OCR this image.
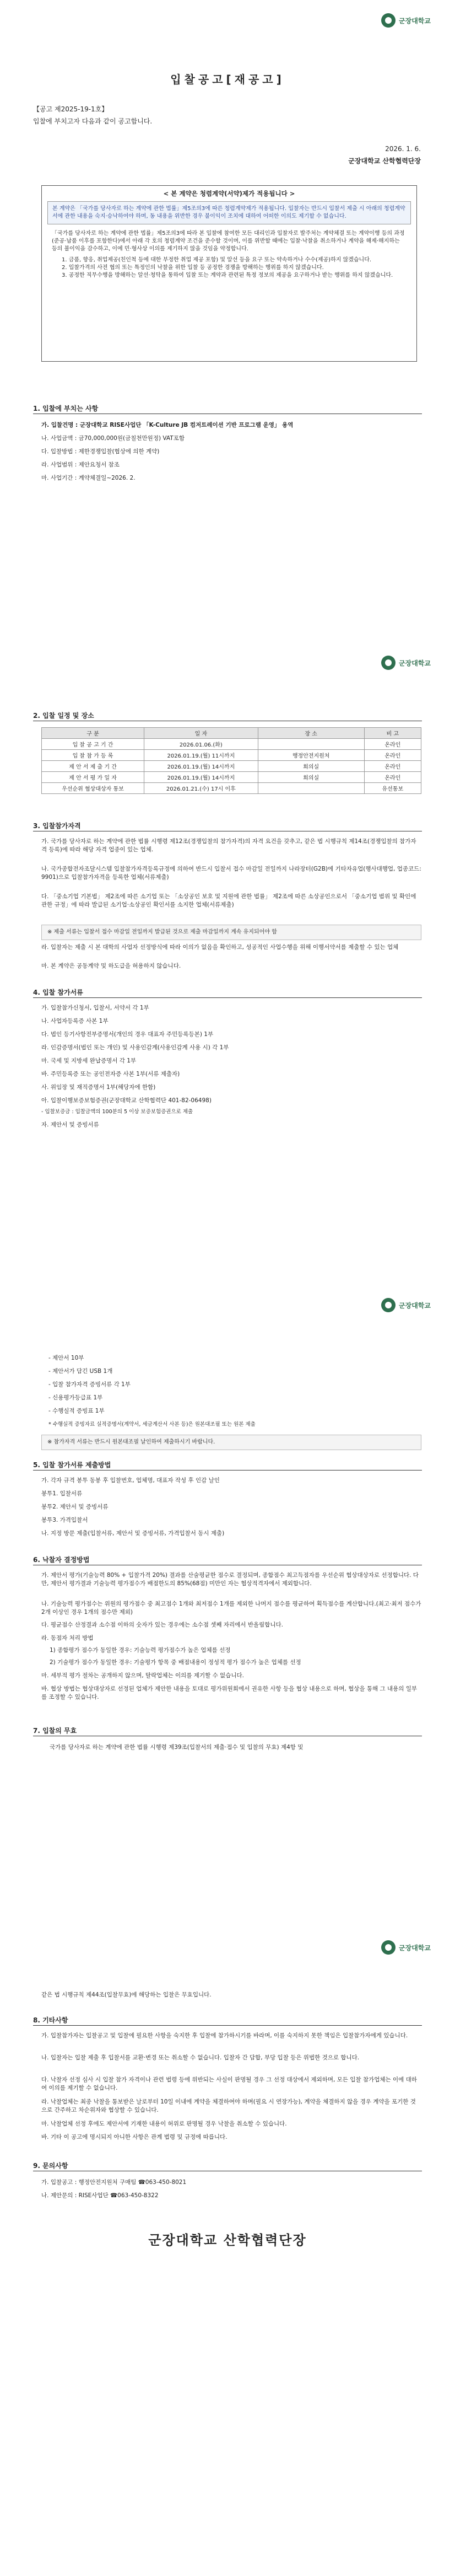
군장대학교
입찰공고[재공고]
【공고 제2025-19-1호】
입찰에 부치고자 다음과 같이 공고합니다.
2026. 1. 6.
군장대학교 산학협력단장
< 본 계약은 청렴계약(서약)제가 적용됩니다 >
본 계약은 「국가를 당사자로 하는 계약에 관한 법률」제5조의3에 따른 청렴계약제가 적용됩니다. 입찰자는 반드시 입찰서 제출 시 아래의 청렴계약서에 관한 내용을 숙지·승낙하여야 하며, 동 내용을 위반한 경우 불이익이 조치에 대하여 어떠한 이의도 제기할 수 없습니다.
「국가를 당사자로 하는 계약에 관한 법률」제5조의3에 따라 본 입찰에 참여한 모든 대리인과 입찰자로 발주처는 계약체결 또는 계약이행 등의 과정(준공·납품 이후를 포함한다)에서 아래 각 호의 청렴계약 조건을 준수할 것이며, 이를 위반할 때에는 입찰·낙찰을 취소하거나 계약을 해제·해지하는 등의 불이익을 감수하고, 이에 민·형사상 이의를 제기하지 않을 것임을 약정합니다.
1. 금품, 향응, 취업제공(친인척 등에 대한 부정한 취업 제공 포함) 및 알선 등을 요구 또는 약속하거나 수수(제공)하지 않겠습니다.
2. 입찰가격의 사전 협의 또는 특정인의 낙찰을 위한 입찰 등 공정한 경쟁을 방해하는 행위를 하지 않겠습니다.
3. 공정한 직무수행을 방해하는 알선·청탁을 통하여 입찰 또는 계약과 관련된 특정 정보의 제공을 요구하거나 받는 행위를 하지 않겠습니다.
1. 입찰에 부치는 사항
가. 입찰건명 : 군장대학교 RISE사업단 「K-Culture JB 컴저트레이션 기반 프로그램 운영」 용역
나. 사업금액 : 금70,000,000원(금칠천만원정) VAT포함
다. 입찰방법 : 제한경쟁입찰(협상에 의한 계약)
라. 사업범위 : 제안요청서 참조
마. 사업기간 : 계약체결일~2026. 2.
군장대학교
2. 입찰 일정 및 장소
구 분	일 자	장 소	비 고
입 찰 공 고 기 간	2026.01.06.(화)		온라인
입 찰 참 가 등 록	2026.01.19.(월) 11시까지	행정안전지원처	온라인
제 안 서 제 출 기 간	2026.01.19.(월) 14시까지	회의실	온라인
제 안 서 평 가 일 자	2026.01.19.(월) 14시까지	회의실	온라인
우선순위 협상대상자 통보	2026.01.21.(수) 17시 이후		유선통보
3. 입찰참가자격
가. 국가를 당사자로 하는 계약에 관한 법률 시행령 제12조(경쟁입찰의 참가자격)의 자격 요건을 갖추고, 같은 법 시행규칙 제14조(경쟁입찰의 참가자격 등록)에 따라 해당 자격 업종이 있는 업체.
나. 국가종합전자조달시스템 입찰참가자격등록규정에 의하여 반드시 입찰서 접수 마감일 전일까지 나라장터(G2B)에 기타자유업(행사대행업, 업종코드: 9901)으로 입찰참가자격을 등록한 업체(서류제출)
다. 「중소기업 기본법」 제2조에 따른 소기업 또는 「소상공인 보호 및 지원에 관한 법률」 제2조에 따른 소상공인으로서 「중소기업 범위 및 확인에 관한 규정」에 따라 발급된 소기업·소상공인 확인서를 소지한 업체(서류제출)
※ 제출 서류는 입찰서 접수 마감일 전일까지 발급된 것으로 제출 마감일까지 계속 유지되어야 함
라. 입찰자는 제출 시 본 대학의 사업자 선정방식에 따라 이의가 없음을 확인하고, 성공적인 사업수행을 위해 이행서약서를 제출할 수 있는 업체
마. 본 계약은 공동계약 및 하도급을 허용하지 않습니다.
4. 입찰 참가서류
가. 입찰참가신청서, 입찰서, 서약서 각 1부
나. 사업자등록증 사본 1부
다. 법인 등기사항전부증명서(개인의 경우 대표자 주민등록등본) 1부
라. 인감증명서(법인 또는 개인) 및 사용인감계(사용인감계 사용 시) 각 1부
마. 국세 및 지방세 완납증명서 각 1부
바. 주민등록증 또는 공인전자증 사본 1부(서류 제출자)
사. 위임장 및 재직증명서 1부(해당자에 한함)
아. 입찰이행보증보험증권(군장대학교 산학협력단 401-82-06498)
- 입찰보증금 : 입찰금액의 100분의 5 이상 보증보험증권으로 제출
자. 제안서 및 증빙서류
군장대학교
- 제안서 10부
- 제안서가 담긴 USB 1개
- 입찰 참가자격 증빙서류 각 1부
- 신용평가등급표 1부
- 수행실적 증빙표 1부
* 수행실적 증빙자료 실적증명서(계약서, 세금계산서 사본 등)은 원본대조필 또는 원본 제출
※ 참가자격 서류는 반드시 원본대조필 날인하여 제출하시기 바랍니다.
5. 입찰 참가서류 제출방법
가. 각자 규격 봉투 동봉 후 입찰번호, 업체명, 대표자 작성 후 인감 날인
봉투1. 입찰서류
봉투2. 제안서 및 증빙서류
봉투3. 가격입찰서
나. 지정 방문 제출(입찰서류, 제안서 및 증빙서류, 가격입찰서 동시 제출)
6. 낙찰자 결정방법
가. 제안서 평가(기술능력 80% + 입찰가격 20%) 결과를 산술평균한 점수로 결정되며, 종합점수 최고득점자를 우선순위 협상대상자로 선정합니다. 다만, 제안서 평가결과 기술능력 평가점수가 배점한도의 85%(68점) 미만인 자는 협상적격자에서 제외합니다.
나. 기술능력 평가점수는 위원의 평가점수 중 최고점수 1개와 최저점수 1개를 제외한 나머지 점수를 평균하여 획득점수를 계산합니다.(최고·최저 점수가 2개 이상인 경우 1개의 점수만 제외)
다. 평균점수 산정결과 소수점 이하의 숫자가 있는 경우에는 소수점 셋째 자리에서 반올림합니다.
라. 동점자 처리 방법
1) 종합평가 점수가 동일한 경우: 기술능력 평가점수가 높은 업체를 선정
2) 기술평가 점수가 동일한 경우: 기술평가 항목 중 배점내용이 정성적 평가 점수가 높은 업체를 선정
마. 세부적 평가 절차는 공개하지 않으며, 탈락업체는 이의를 제기할 수 없습니다.
바. 협상 방법는 협상대상자로 선정된 업체가 제안한 내용을 토대로 평가위원회에서 권유한 사항 등을 협상 내용으로 하며, 협상을 통해 그 내용의 일부를 조정할 수 있습니다.
7. 입찰의 무효
국가를 당사자로 하는 계약에 관한 법률 시행령 제39조(입찰서의 제출·접수 및 입찰의 무효) 제4항 및
군장대학교
같은 법 시행규칙 제44조(입찰무효)에 해당하는 입찰은 무효입니다.
8. 기타사항
가. 입찰참가자는 입찰공고 및 입찰에 필요한 사항을 숙지한 후 입찰에 참가하시기를 바라며, 이를 숙지하지 못한 책임은 입찰참가자에게 있습니다.
나. 입찰자는 입찰 제출 후 입찰서를 교환·변경 또는 취소할 수 없습니다. 입찰자 간 담합, 부당 입찰 등은 위법한 것으로 합니다.
다. 낙찰자 선정 심사 시 입찰 참가 자격이나 관련 법령 등에 위반되는 사실이 판명될 경우 그 선정 대상에서 제외하며, 모든 입찰 참가업체는 이에 대하여 이의를 제기할 수 없습니다.
라. 낙찰업체는 최종 낙찰을 통보받은 날로부터 10일 이내에 계약을 체결하여야 하며(필요 시 연장가능), 계약을 체결하지 않을 경우 계약을 포기한 것으로 간주하고 차순위자와 협상할 수 있습니다.
마. 낙찰업체 선정 후에도 제안서에 기재한 내용이 허위로 판명될 경우 낙찰을 취소할 수 있습니다.
바. 기타 이 공고에 명시되지 아니한 사항은 관계 법령 및 규정에 따릅니다.
9. 문의사항
가. 입찰공고 : 행정안전지원처 구매팀 ☎063-450-8021
나. 제안문의 : RISE사업단 ☎063-450-8322
군장대학교 산학협력단장
